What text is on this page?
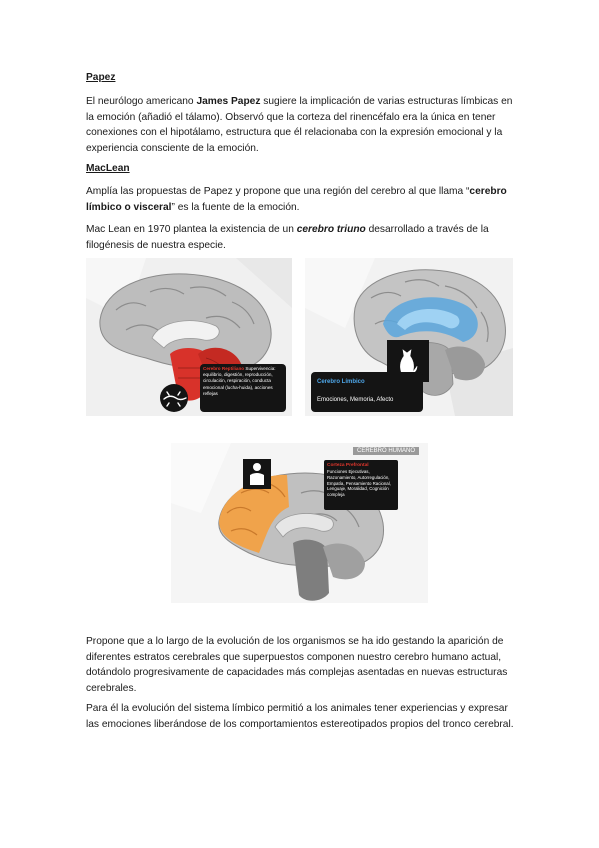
Papez
El neurólogo americano James Papez sugiere la implicación de varias estructuras límbicas en la emoción (añadió el tálamo). Observó que la corteza del rinencéfalo era la única en tener conexiones con el hipotálamo, estructura que él relacionaba con la expresión emocional y la experiencia consciente de la emoción.
MacLean
Amplía las propuestas de Papez y propone que una región del cerebro al que llama “cerebro límbico o visceral” es la fuente de la emoción.
Mac Lean en 1970 plantea la existencia de un cerebro triuno desarrollado a través de la filogénesis de nuestra especie.
Cerebro Reptiliano Supervivencia: equilibrio, digestión, reproducción, circulación, respiración, conducta emocional (lucha-huida), acciones reflejas
Cerebro Límbico
Emociones, Memoria, Afecto
CEREBRO HUMANO
Corteza Prefrontal
Funciones Ejecutivas, Razonamiento, Autorregulación, Empatía, Pensamiento Racional, Lenguaje, Moralidad, Cognición compleja
Propone que a lo largo de la evolución de los organismos se ha ido gestando la aparición de diferentes estratos cerebrales que superpuestos componen nuestro cerebro humano actual, dotándolo progresivamente de capacidades más complejas asentadas en nuevas estructuras cerebrales.
Para él la evolución del sistema límbico permitió a los animales tener experiencias y expresar las emociones liberándose de los comportamientos estereotipados propios del tronco cerebral.
